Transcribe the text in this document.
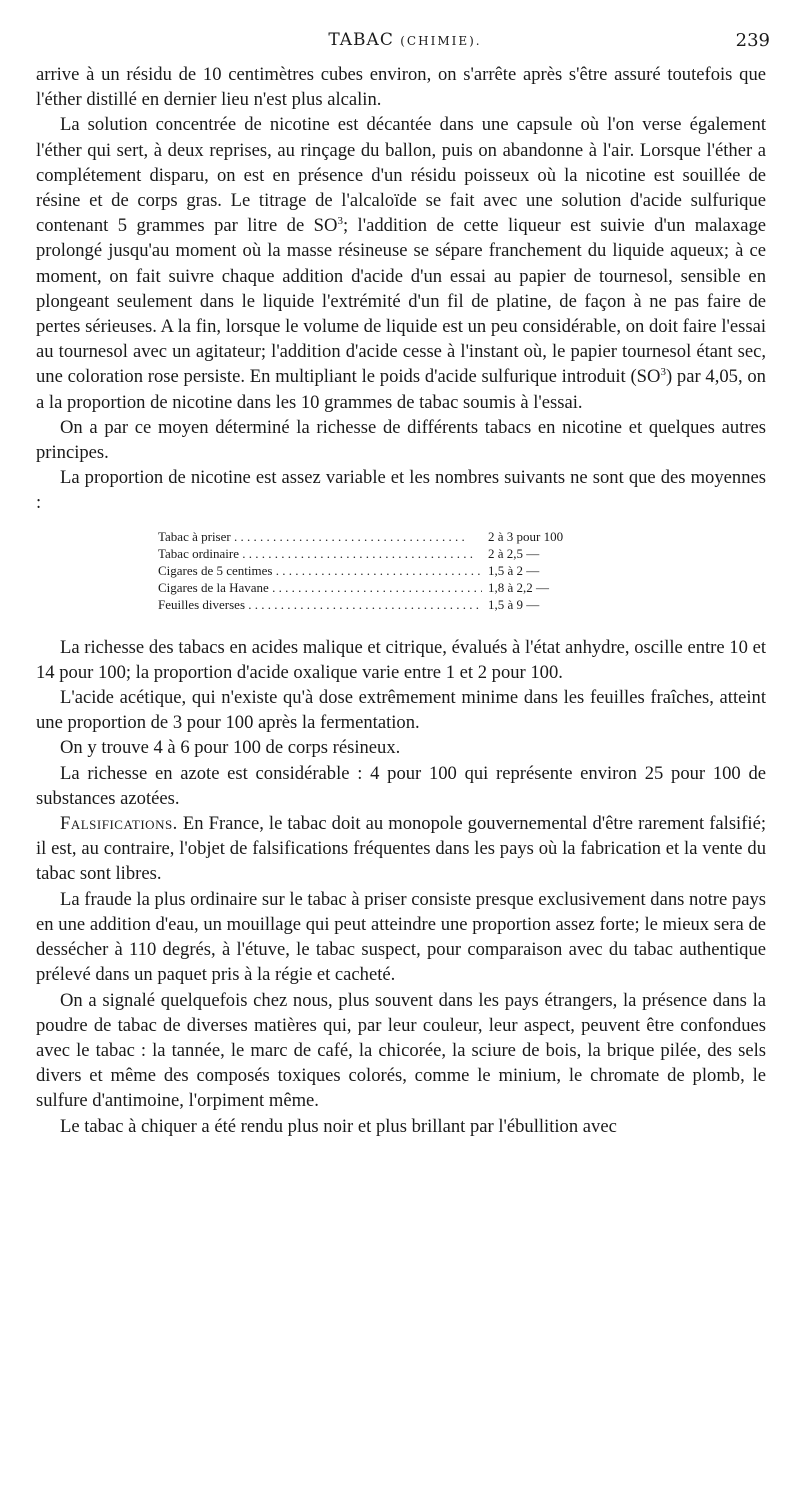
TABAC (CHIMIE).	239

arrive à un résidu de 10 centimètres cubes environ, on s'arrête après s'être assuré toutefois que l'éther distillé en dernier lieu n'est plus alcalin.

La solution concentrée de nicotine est décantée dans une capsule où l'on verse également l'éther qui sert, à deux reprises, au rinçage du ballon, puis on abandonne à l'air. Lorsque l'éther a complétement disparu, on est en présence d'un résidu poisseux où la nicotine est souillée de résine et de corps gras. Le titrage de l'alcaloïde se fait avec une solution d'acide sulfurique contenant 5 grammes par litre de $SO^3$; l'addition de cette liqueur est suivie d'un malaxage prolongé jusqu'au moment où la masse résineuse se sépare franchement du liquide aqueux; à ce moment, on fait suivre chaque addition d'acide d'un essai au papier de tournesol, sensible en plongeant seulement dans le liquide l'extrémité d'un fil de platine, de façon à ne pas faire de pertes sérieuses. A la fin, lorsque le volume de liquide est un peu considérable, on doit faire l'essai au tournesol avec un agitateur; l'addition d'acide cesse à l'instant où, le papier tournesol étant sec, une coloration rose persiste. En multipliant le poids d'acide sulfurique introduit $(SO^3)$ par 4,05, on a la proportion de nicotine dans les 10 grammes de tabac soumis à l'essai.

On a par ce moyen déterminé la richesse de différents tabacs en nicotine et quelques autres principes.

La proportion de nicotine est assez variable et les nombres suivants ne sont que des moyennes :

Tabac à priser . . .	2 à 3 pour 100
Tabac ordinaire . . .	2 à 2,5 —
Cigares de 5 centimes . . .	1,5 à 2 —
Cigares de la Havane . . .	1,8 à 2,2 —
Feuilles diverses . . .	1,5 à 9 —

La richesse des tabacs en acides malique et citrique, évalués à l'état anhydre, oscille entre 10 et 14 pour 100; la proportion d'acide oxalique varie entre 1 et 2 pour 100.

L'acide acétique, qui n'existe qu'à dose extrêmement minime dans les feuilles fraîches, atteint une proportion de 3 pour 100 après la fermentation.

On y trouve 4 à 6 pour 100 de corps résineux.

La richesse en azote est considérable : 4 pour 100 qui représente environ 25 pour 100 de substances azotées.

Falsifications. En France, le tabac doit au monopole gouvernemental d'être rarement falsifié; il est, au contraire, l'objet de falsifications fréquentes dans les pays où la fabrication et la vente du tabac sont libres.

La fraude la plus ordinaire sur le tabac à priser consiste presque exclusivement dans notre pays en une addition d'eau, un mouillage qui peut atteindre une proportion assez forte; le mieux sera de dessécher à 110 degrés, à l'étuve, le tabac suspect, pour comparaison avec du tabac authentique prélevé dans un paquet pris à la régie et cacheté.

On a signalé quelquefois chez nous, plus souvent dans les pays étrangers, la présence dans la poudre de tabac de diverses matières qui, par leur couleur, leur aspect, peuvent être confondues avec le tabac : la tannée, le marc de café, la chicorée, la sciure de bois, la brique pilée, des sels divers et même des composés toxiques colorés, comme le minium, le chromate de plomb, le sulfure d'antimoine, l'orpiment même.

Le tabac à chiquer a été rendu plus noir et plus brillant par l'ébullition avec
